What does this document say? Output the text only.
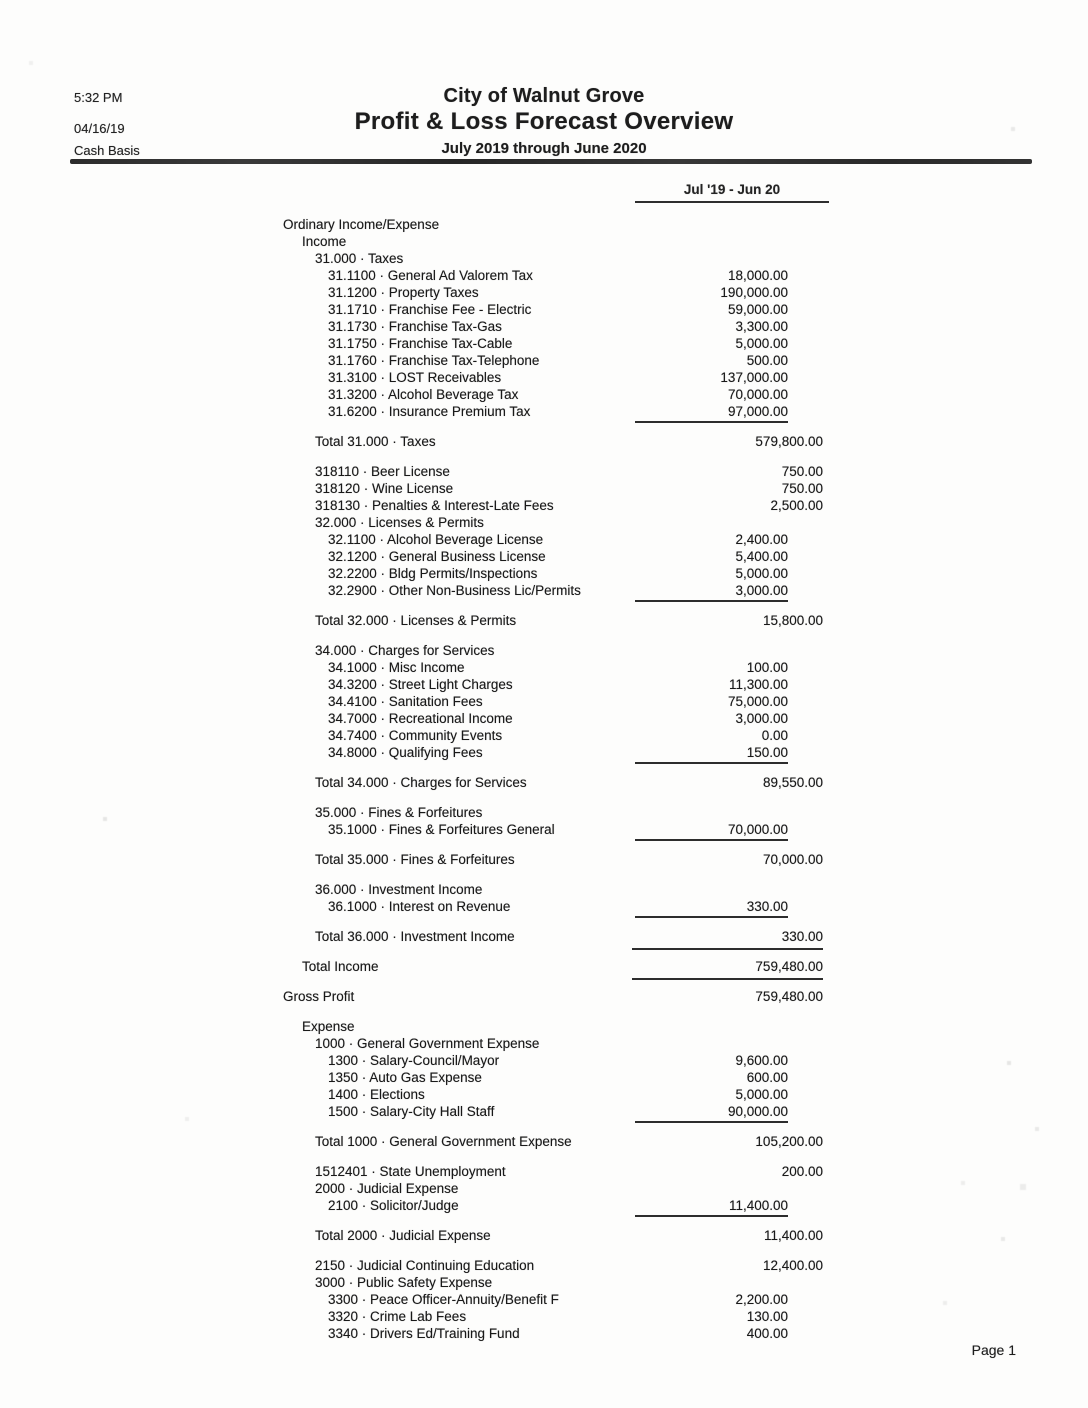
5:32 PM
04/16/19
Cash Basis
City of Walnut Grove
Profit & Loss Forecast Overview
July 2019 through June 2020
Jul '19 - Jun 20
Ordinary Income/Expense
Income
31.000 · Taxes
31.1100 · General Ad Valorem Tax	18,000.00
31.1200 · Property Taxes	190,000.00
31.1710 · Franchise Fee - Electric	59,000.00
31.1730 · Franchise Tax-Gas	3,300.00
31.1750 · Franchise Tax-Cable	5,000.00
31.1760 · Franchise Tax-Telephone	500.00
31.3100 · LOST Receivables	137,000.00
31.3200 · Alcohol Beverage Tax	70,000.00
31.6200 · Insurance Premium Tax	97,000.00
Total 31.000 · Taxes	579,800.00
318110 · Beer License	750.00
318120 · Wine License	750.00
318130 · Penalties & Interest-Late Fees	2,500.00
32.000 · Licenses & Permits
32.1100 · Alcohol Beverage License	2,400.00
32.1200 · General Business License	5,400.00
32.2200 · Bldg Permits/Inspections	5,000.00
32.2900 · Other Non-Business Lic/Permits	3,000.00
Total 32.000 · Licenses & Permits	15,800.00
34.000 · Charges for Services
34.1000 · Misc Income	100.00
34.3200 · Street Light Charges	11,300.00
34.4100 · Sanitation Fees	75,000.00
34.7000 · Recreational Income	3,000.00
34.7400 · Community Events	0.00
34.8000 · Qualifying Fees	150.00
Total 34.000 · Charges for Services	89,550.00
35.000 · Fines & Forfeitures
35.1000 · Fines & Forfeitures General	70,000.00
Total 35.000 · Fines & Forfeitures	70,000.00
36.000 · Investment Income
36.1000 · Interest on Revenue	330.00
Total 36.000 · Investment Income	330.00
Total Income	759,480.00
Gross Profit	759,480.00
Expense
1000 · General Government Expense
1300 · Salary-Council/Mayor	9,600.00
1350 · Auto Gas Expense	600.00
1400 · Elections	5,000.00
1500 · Salary-City Hall Staff	90,000.00
Total 1000 · General Government Expense	105,200.00
1512401 · State Unemployment	200.00
2000 · Judicial Expense
2100 · Solicitor/Judge	11,400.00
Total 2000 · Judicial Expense	11,400.00
2150 · Judicial Continuing Education	12,400.00
3000 · Public Safety Expense
3300 · Peace Officer-Annuity/Benefit F	2,200.00
3320 · Crime Lab Fees	130.00
3340 · Drivers Ed/Training Fund	400.00
Page 1
